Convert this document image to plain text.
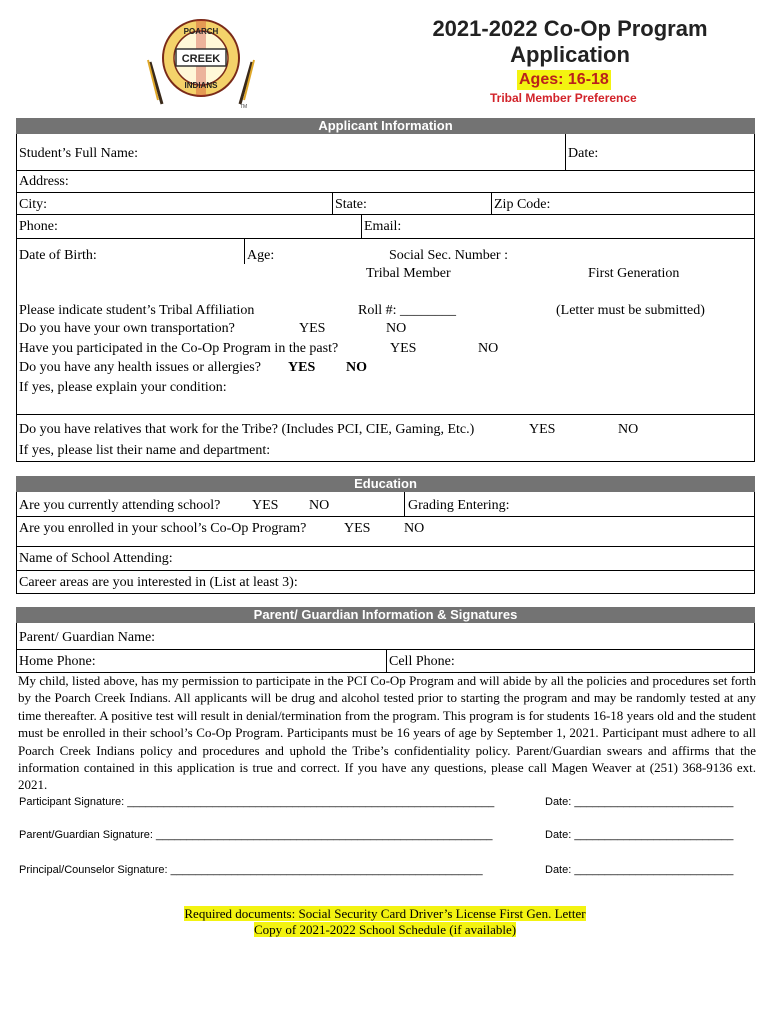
CREEK
POARCH
INDIANS
TM
2021-2022 Co-Op Program Application
Ages: 16-18
Tribal Member Preference
Applicant Information
Student’s Full Name:	Date:
Address:
City:	State:	Zip Code:
Phone:	Email:
Date of Birth:	Age:	Social Sec. Number :
Tribal Member	First Generation
Please indicate student’s Tribal Affiliation	Roll #: ________	(Letter must be submitted)
Do you have your own transportation?	YES	NO
Have you participated in the Co-Op Program in the past?	YES	NO
Do you have any health issues or allergies? YES NO
If yes, please explain your condition:
Do you have relatives that work for the Tribe? (Includes PCI, CIE, Gaming, Etc.)	YES	NO
If yes, please list their name and department:
Education
Are you currently attending school? YES NO	Grading Entering:
Are you enrolled in your school’s Co-Op Program?	YES NO
Name of School Attending:
Career areas are you interested in (List at least 3):
Parent/ Guardian Information & Signatures
Parent/ Guardian Name:
Home Phone:	Cell Phone:
My child, listed above, has my permission to participate in the PCI Co-Op Program and will abide by all the policies and procedures set forth by the Poarch Creek Indians. All applicants will be drug and alcohol tested prior to starting the program and may be randomly tested at any time thereafter. A positive test will result in denial/termination from the program. This program is for students 16-18 years old and the student must be enrolled in their school’s Co-Op Program. Participants must be 16 years of age by September 1, 2021. Participant must adhere to all Poarch Creek Indians policy and procedures and uphold the Tribe’s confidentiality policy. Parent/Guardian swears and affirms that the information contained in this application is true and correct. If you have any questions, please call Magen Weaver at (251) 368-9136 ext. 2021.
Participant Signature: ____________________________________________________________	Date: __________________________
Parent/Guardian Signature: _______________________________________________________	Date: __________________________
Principal/Counselor Signature: ___________________________________________________	Date: __________________________
Required documents: Social Security Card Driver’s License First Gen. Letter
Copy of 2021-2022 School Schedule (if available)
